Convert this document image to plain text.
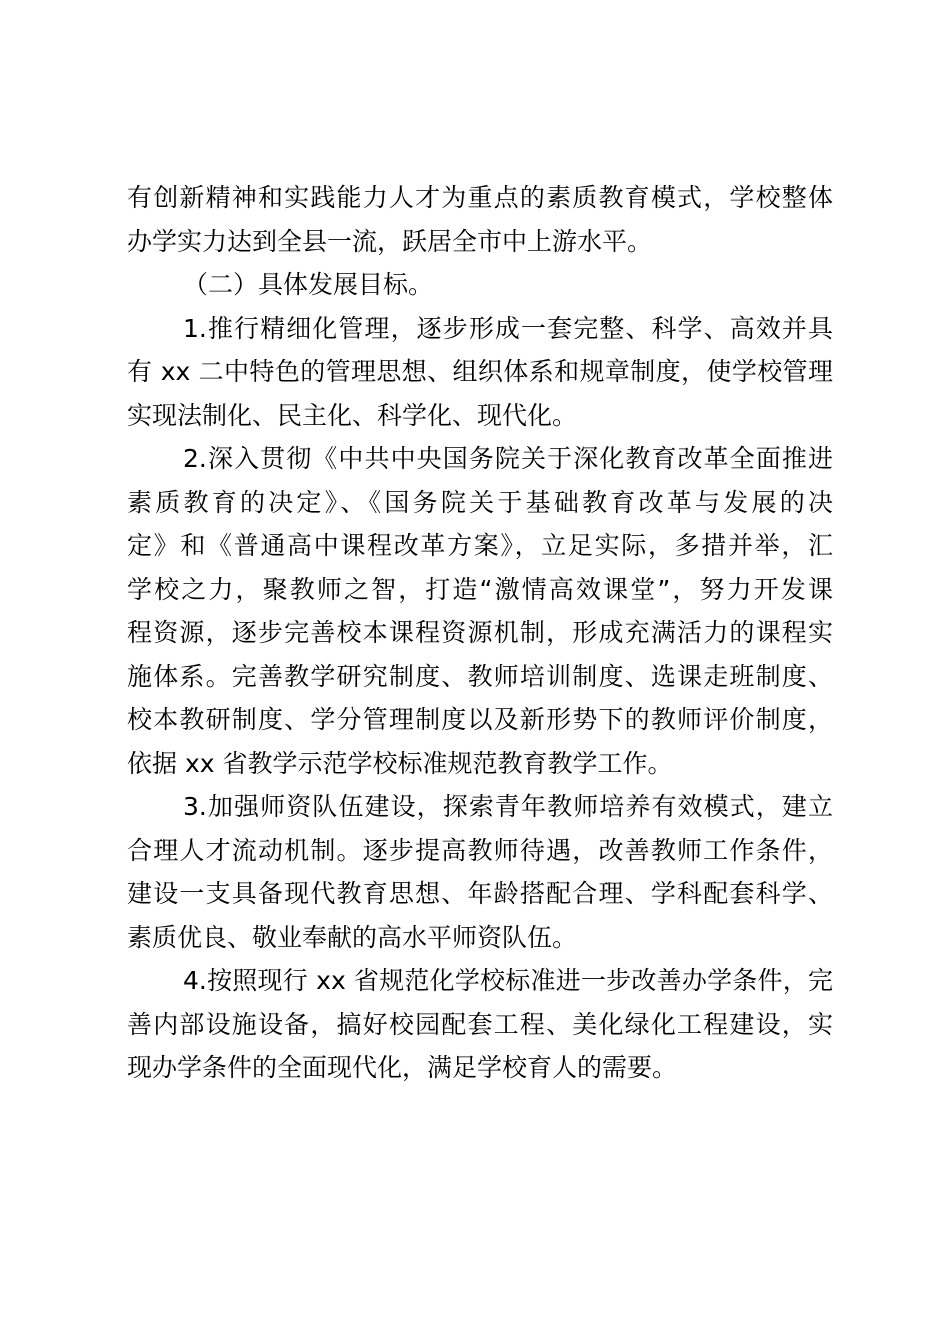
有创新精神和实践能力人才为重点的素质教育模式，学校整体
办学实力达到全县一流，跃居全市中上游水平。
（二）具体发展目标。
1.推行精细化管理，逐步形成一套完整、科学、高效并具
有 xx 二中特色的管理思想、组织体系和规章制度，使学校管理
实现法制化、民主化、科学化、现代化。
2.深入贯彻《中共中央国务院关于深化教育改革全面推进
素质教育的决定》、《国务院关于基础教育改革与发展的决
定》和《普通高中课程改革方案》，立足实际，多措并举，汇
学校之力，聚教师之智，打造“激情高效课堂”，努力开发课
程资源，逐步完善校本课程资源机制，形成充满活力的课程实
施体系。完善教学研究制度、教师培训制度、选课走班制度、
校本教研制度、学分管理制度以及新形势下的教师评价制度，
依据 xx 省教学示范学校标准规范教育教学工作。
3.加强师资队伍建设，探索青年教师培养有效模式，建立
合理人才流动机制。逐步提高教师待遇，改善教师工作条件，
建设一支具备现代教育思想、年龄搭配合理、学科配套科学、
素质优良、敬业奉献的高水平师资队伍。
4.按照现行 xx 省规范化学校标准进一步改善办学条件，完
善内部设施设备，搞好校园配套工程、美化绿化工程建设，实
现办学条件的全面现代化，满足学校育人的需要。
